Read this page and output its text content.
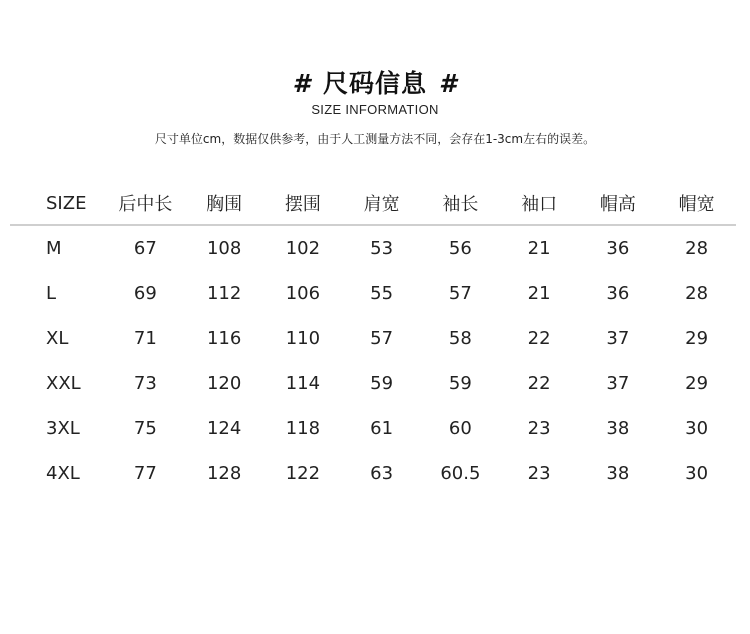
# 尺码信息 #
SIZE INFORMATION
尺寸单位cm，数据仅供参考，由于人工测量方法不同，会存在1-3cm左右的误差。
SIZE	后中长	胸围	摆围	肩宽	袖长	袖口	帽高	帽宽
M	67	108	102	53	56	21	36	28
L	69	112	106	55	57	21	36	28
XL	71	116	110	57	58	22	37	29
XXL	73	120	114	59	59	22	37	29
3XL	75	124	118	61	60	23	38	30
4XL	77	128	122	63	60.5	23	38	30
